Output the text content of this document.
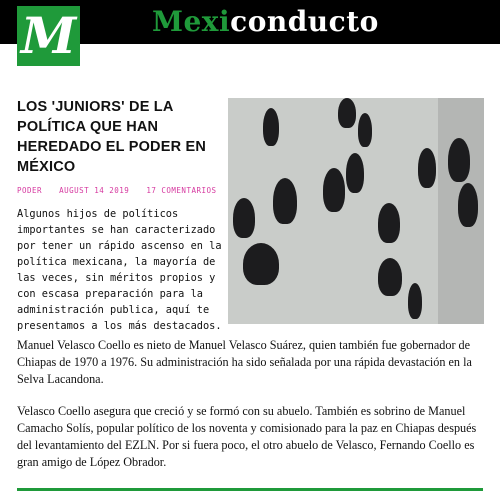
Mexiconducto
M
LOS 'JUNIORS' DE LA POLÍTICA QUE HAN HEREDADO EL PODER EN MÉXICO
PODER AUGUST 14 2019 17 COMENTARIOS

Algunos hijos de políticos importantes se han caracterizado por tener un rápido ascenso en la política mexicana, la mayoría de las veces, sin méritos propios y con escasa preparación para la administración publica, aquí te presentamos a los más destacados.

Manuel Velasco Coello es nieto de Manuel Velasco Suárez, quien también fue gobernador de Chiapas de 1970 a 1976. Su administración ha sido señalada por una rápida devastación en la Selva Lacandona.

Velasco Coello asegura que creció y se formó con su abuelo. También es sobrino de Manuel Camacho Solís, popular político de los noventa y comisionado para la paz en Chiapas después del levantamiento del EZLN. Por si fuera poco, el otro abuelo de Velasco, Fernando Coello es gran amigo de López Obrador.
